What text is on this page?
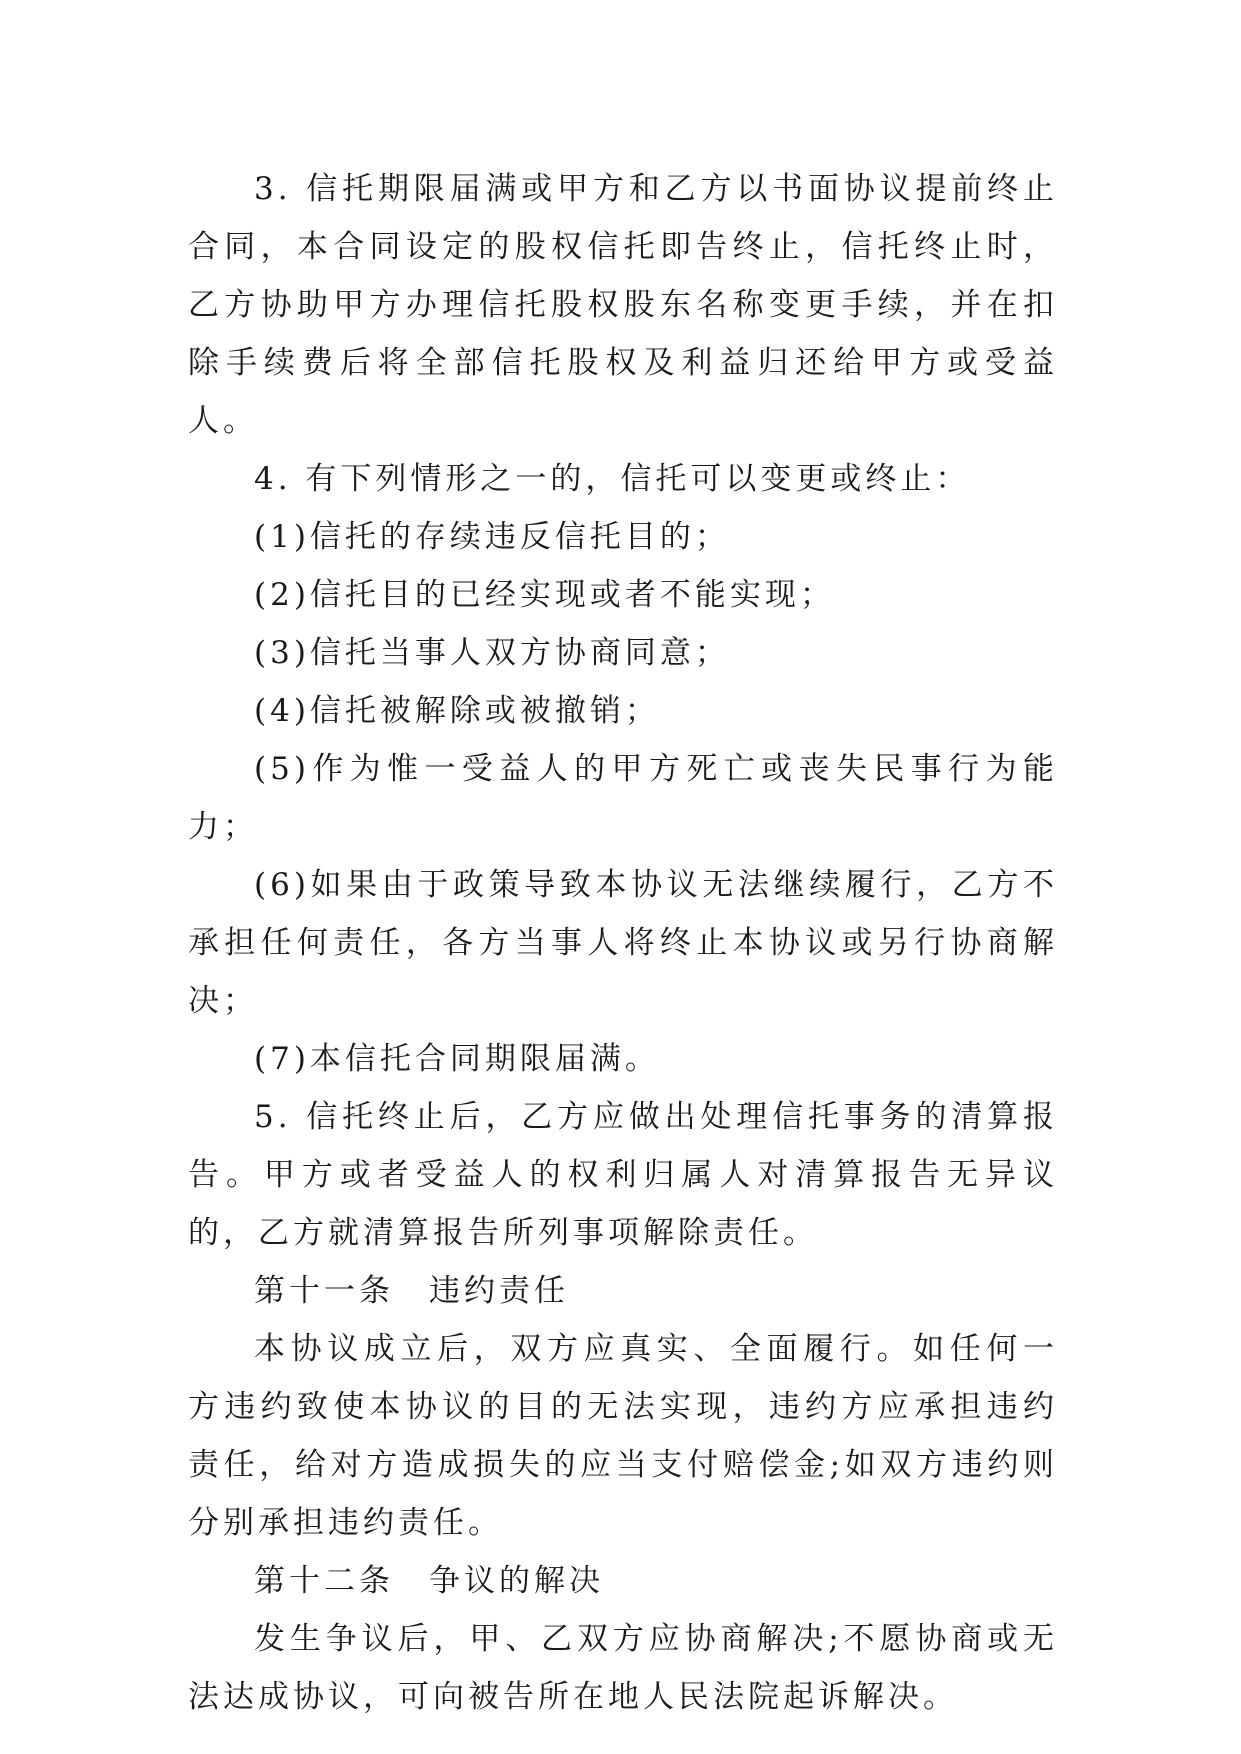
3. 信托期限届满或甲方和乙方以书面协议提前终止合同，本合同设定的股权信托即告终止，信托终止时，乙方协助甲方办理信托股权股东名称变更手续，并在扣除手续费后将全部信托股权及利益归还给甲方或受益人。

4. 有下列情形之一的，信托可以变更或终止：

(1)信托的存续违反信托目的；

(2)信托目的已经实现或者不能实现；

(3)信托当事人双方协商同意；

(4)信托被解除或被撤销；

(5)作为惟一受益人的甲方死亡或丧失民事行为能力；

(6)如果由于政策导致本协议无法继续履行，乙方不承担任何责任，各方当事人将终止本协议或另行协商解决；

(7)本信托合同期限届满。

5. 信托终止后，乙方应做出处理信托事务的清算报告。甲方或者受益人的权利归属人对清算报告无异议的，乙方就清算报告所列事项解除责任。

第十一条　违约责任

本协议成立后，双方应真实、全面履行。如任何一方违约致使本协议的目的无法实现，违约方应承担违约责任，给对方造成损失的应当支付赔偿金;如双方违约则分别承担违约责任。

第十二条　争议的解决

发生争议后，甲、乙双方应协商解决;不愿协商或无法达成协议，可向被告所在地人民法院起诉解决。
